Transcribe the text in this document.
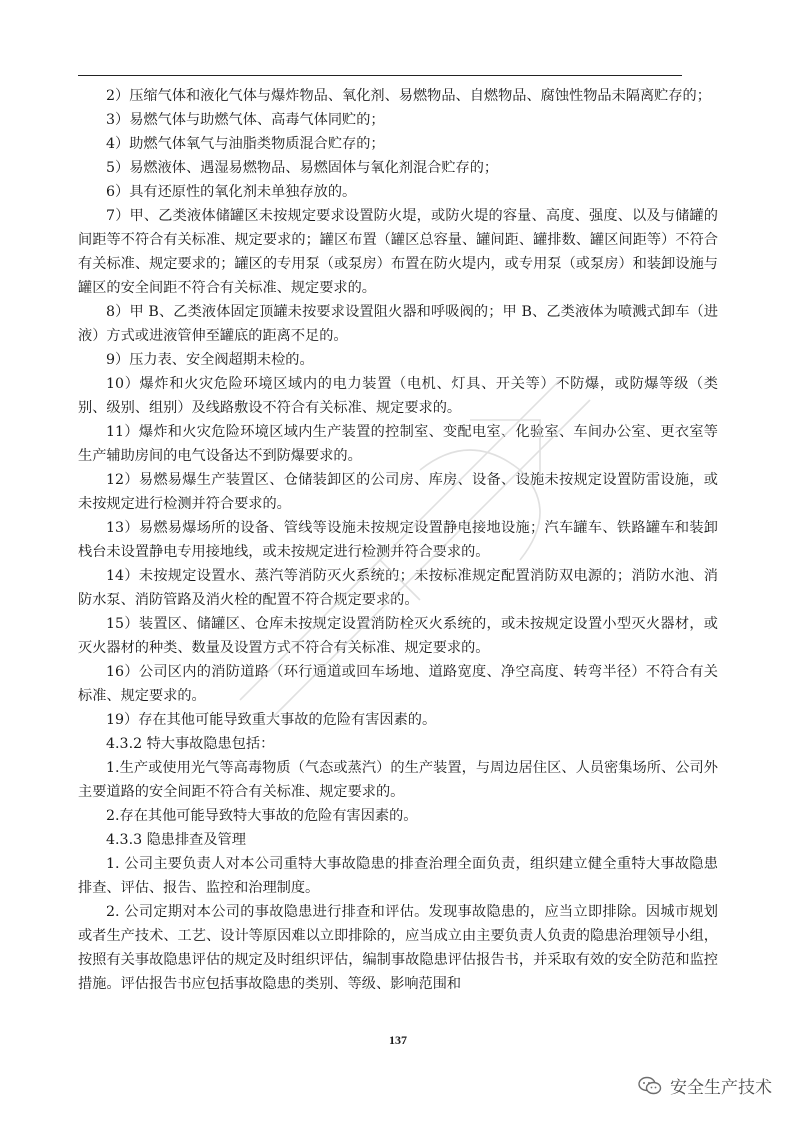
2）压缩气体和液化气体与爆炸物品、氧化剂、易燃物品、自燃物品、腐蚀性物品未隔离贮存的；

3）易燃气体与助燃气体、高毒气体同贮的；

4）助燃气体氧气与油脂类物质混合贮存的；

5）易燃液体、遇湿易燃物品、易燃固体与氧化剂混合贮存的；

6）具有还原性的氧化剂未单独存放的。

7）甲、乙类液体储罐区未按规定要求设置防火堤，或防火堤的容量、高度、强度、以及与储罐的间距等不符合有关标准、规定要求的；罐区布置（罐区总容量、罐间距、罐排数、罐区间距等）不符合有关标准、规定要求的；罐区的专用泵（或泵房）布置在防火堤内，或专用泵（或泵房）和装卸设施与罐区的安全间距不符合有关标准、规定要求的。

8）甲 B、乙类液体固定顶罐未按要求设置阻火器和呼吸阀的；甲 B、乙类液体为喷溅式卸车（进液）方式或进液管伸至罐底的距离不足的。

9）压力表、安全阀超期未检的。

10）爆炸和火灾危险环境区域内的电力装置（电机、灯具、开关等）不防爆，或防爆等级（类别、级别、组别）及线路敷设不符合有关标准、规定要求的。

11）爆炸和火灾危险环境区域内生产装置的控制室、变配电室、化验室、车间办公室、更衣室等生产辅助房间的电气设备达不到防爆要求的。

12）易燃易爆生产装置区、仓储装卸区的公司房、库房、设备、设施未按规定设置防雷设施，或未按规定进行检测并符合要求的。

13）易燃易爆场所的设备、管线等设施未按规定设置静电接地设施；汽车罐车、铁路罐车和装卸栈台未设置静电专用接地线，或未按规定进行检测并符合要求的。

14）未按规定设置水、蒸汽等消防灭火系统的；未按标准规定配置消防双电源的；消防水池、消防水泵、消防管路及消火栓的配置不符合规定要求的。

15）装置区、储罐区、仓库未按规定设置消防栓灭火系统的，或未按规定设置小型灭火器材，或灭火器材的种类、数量及设置方式不符合有关标准、规定要求的。

16）公司区内的消防道路（环行通道或回车场地、道路宽度、净空高度、转弯半径）不符合有关标准、规定要求的。

19）存在其他可能导致重大事故的危险有害因素的。

4.3.2 特大事故隐患包括：

1.生产或使用光气等高毒物质（气态或蒸汽）的生产装置，与周边居住区、人员密集场所、公司外主要道路的安全间距不符合有关标准、规定要求的。

2.存在其他可能导致特大事故的危险有害因素的。

4.3.3 隐患排查及管理

1. 公司主要负责人对本公司重特大事故隐患的排查治理全面负责，组织建立健全重特大事故隐患排查、评估、报告、监控和治理制度。

2. 公司定期对本公司的事故隐患进行排查和评估。发现事故隐患的，应当立即排除。因城市规划或者生产技术、工艺、设计等原因难以立即排除的，应当成立由主要负责人负责的隐患治理领导小组，按照有关事故隐患评估的规定及时组织评估，编制事故隐患评估报告书，并采取有效的安全防范和监控措施。评估报告书应包括事故隐患的类别、等级、影响范围和

137
安全生产技术
